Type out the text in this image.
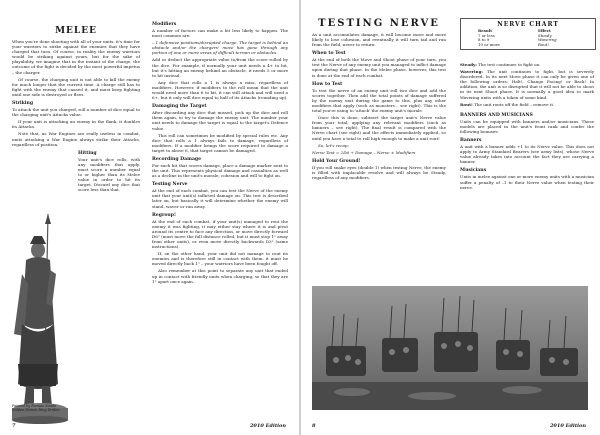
MELEE

When you're done shooting with all of your units, it's time for your warriors to strike against the enemies that they have charged that turn. Of course, in reality the enemy warriors would be striking against yours, but for the sake of playability, we imagine that in the instant of the charge, the outcome of the fight is decided by the most powerful impetus – the charger.

Of course, the charging unit is not able to kill the enemy for much longer that the current time. A charge still has to fight with the enemy that caused it, and must keep fighting until one side is destroyed or flees.

Striking

To attack the unit you charged, roll a number of dice equal to the charging unit's Attacks value.

If your unit is attacking an enemy in the flank, it doubles its Attacks.

Note that, as War Engines are really useless in combat, units attacking a War Engine always strike their Attacks, regardless of position.

Hitting

Your unit's dice rolls, with any modifiers that apply, must score a number equal to or higher than its Melee value in order to hit its target. Discard any dice that score less than that.

Painted by Romain Kondo
Golden Demon Ring Drakes
Modifiers

A number of factors can make a hit less likely to happen. The most common are:

– 1 defensive positions/disrupted charge. The target is behind an obstacle and/or the chargers' move has gone through any portion of one or more areas of difficult terrain or obstacles.

Add or deduct the appropriate value to/from the score rolled by the dice. For example, if normally your unit needs a 4+ to hit, but it's hitting an enemy behind an obstacle, it needs 5 or more to hit instead.

Any dice that rolls a 1 is always a miss, regardless of modifiers. However, if modifiers to the roll mean that the unit would need more than 6 to hit, it can still attack and will need a 6+, but it only will dice equal to half of its Attacks (rounding up).

Damaging the Target

After discarding any dice that missed, pick up the dice and roll them again, to try to damage the enemy unit. The number your unit needs to damage the target is equal to the target's Defence value.

This roll can sometimes be modified by special rules etc. Any dice that rolls a 1 always fails to damage, regardless of modifiers. If a modifier brings the score required to damage a target to above 6, that target cannot be damaged.

Recording Damage

For each hit that scores damage, place a damage marker next to the unit. This represents physical damage and casualties as well as a decline in the unit's morale, cohesion and will to fight on.

Testing Nerve

At the end of each combat, you can test the Nerve of the enemy unit that your unit(s) inflicted damage on. This test is described later on, but basically it will determine whether the enemy will stand, waver or run away.

Regroup!

At the end of each combat, if your unit(s) managed to rout the enemy it was fighting, it may either stay where it is and pivot around its centre to face any direction, or move directly forward D6" (must move the full distance rolled, but it must stop 1" away from other units), or even move directly backwards D3" (same instructions).

If, on the other hand, your unit did not manage to rout its enemies and is therefore still in contact with them, it must be moved directly back 1" – your warriors have been fought off.

Also remember at this point to separate any unit that ended up in contact with friendly units when charging, so that they are 1" apart once again.

7	2010 Edition
TESTING NERVE

As a unit accumulates damage, it will become more and more likely to lose cohesion, and eventually it will turn tail and run from the field, never to return.

When to Test

At the end of both the Move and Shoot phase of your turn, you test the Nerve of any enemy unit you managed to inflict damage upon during that phase. In the Melee phase, however, this test is done at the end of each combat.

How to Test

To test the nerve of an enemy unit roll two dice and add the scores together. Then add the total points of damage suffered by the enemy unit during the game to this, plus any other modifiers that apply (such as monsters – see right). This is the total you're using to 'attack' the enemy unit's morale.

Once this is done, subtract the target unit's Nerve value from your total, applying any relevant modifiers (such as banners – see right). The final result is compared with the Nerve chart (see right) and the effects immediately applied, so until you have a total to roll high enough to make a unit rout!

So, let's recap:

Nerve Test = 2D6 + Damage – Nerve ± Modifiers

Hold Your Ground!

If you roll snake eyes (double 1) when testing Nerve, the enemy is filled with implacable resolve and will always be Steady, regardless of any modifiers.

NERVE CHART
Result	Effect
7 or less	Steady
8 to 9	Wavering
10 or more	Rout!

Steady: The test continues to fight on.

Wavering: The unit continues to fight, but is severely disordered. In its next Move phase it can only be given one of the following orders: Halt!, Change Facing! or Back! In addition, the unit is so disrupted that it will not be able to shoot in its next Shoot phase. It is normally a good idea to mark Wavering units with a token of some kind.

Rout! The unit routs off the field – remove it.

BANNERS AND MUSICIANS

Units can be equipped with banners and/or musicians. These models are placed in the unit's front rank and confer the following bonuses:

Banners

A unit with a banner adds +1 to its Nerve value. This does not apply to Army Standard Bearers (see army lists), whose Nerve value already takes into account the fact they are carrying a banner.

Musicians

Units in melee against one or more enemy units with a musician suffer a penalty of –1 to their Nerve value when testing their nerve.

8	2010 Edition
